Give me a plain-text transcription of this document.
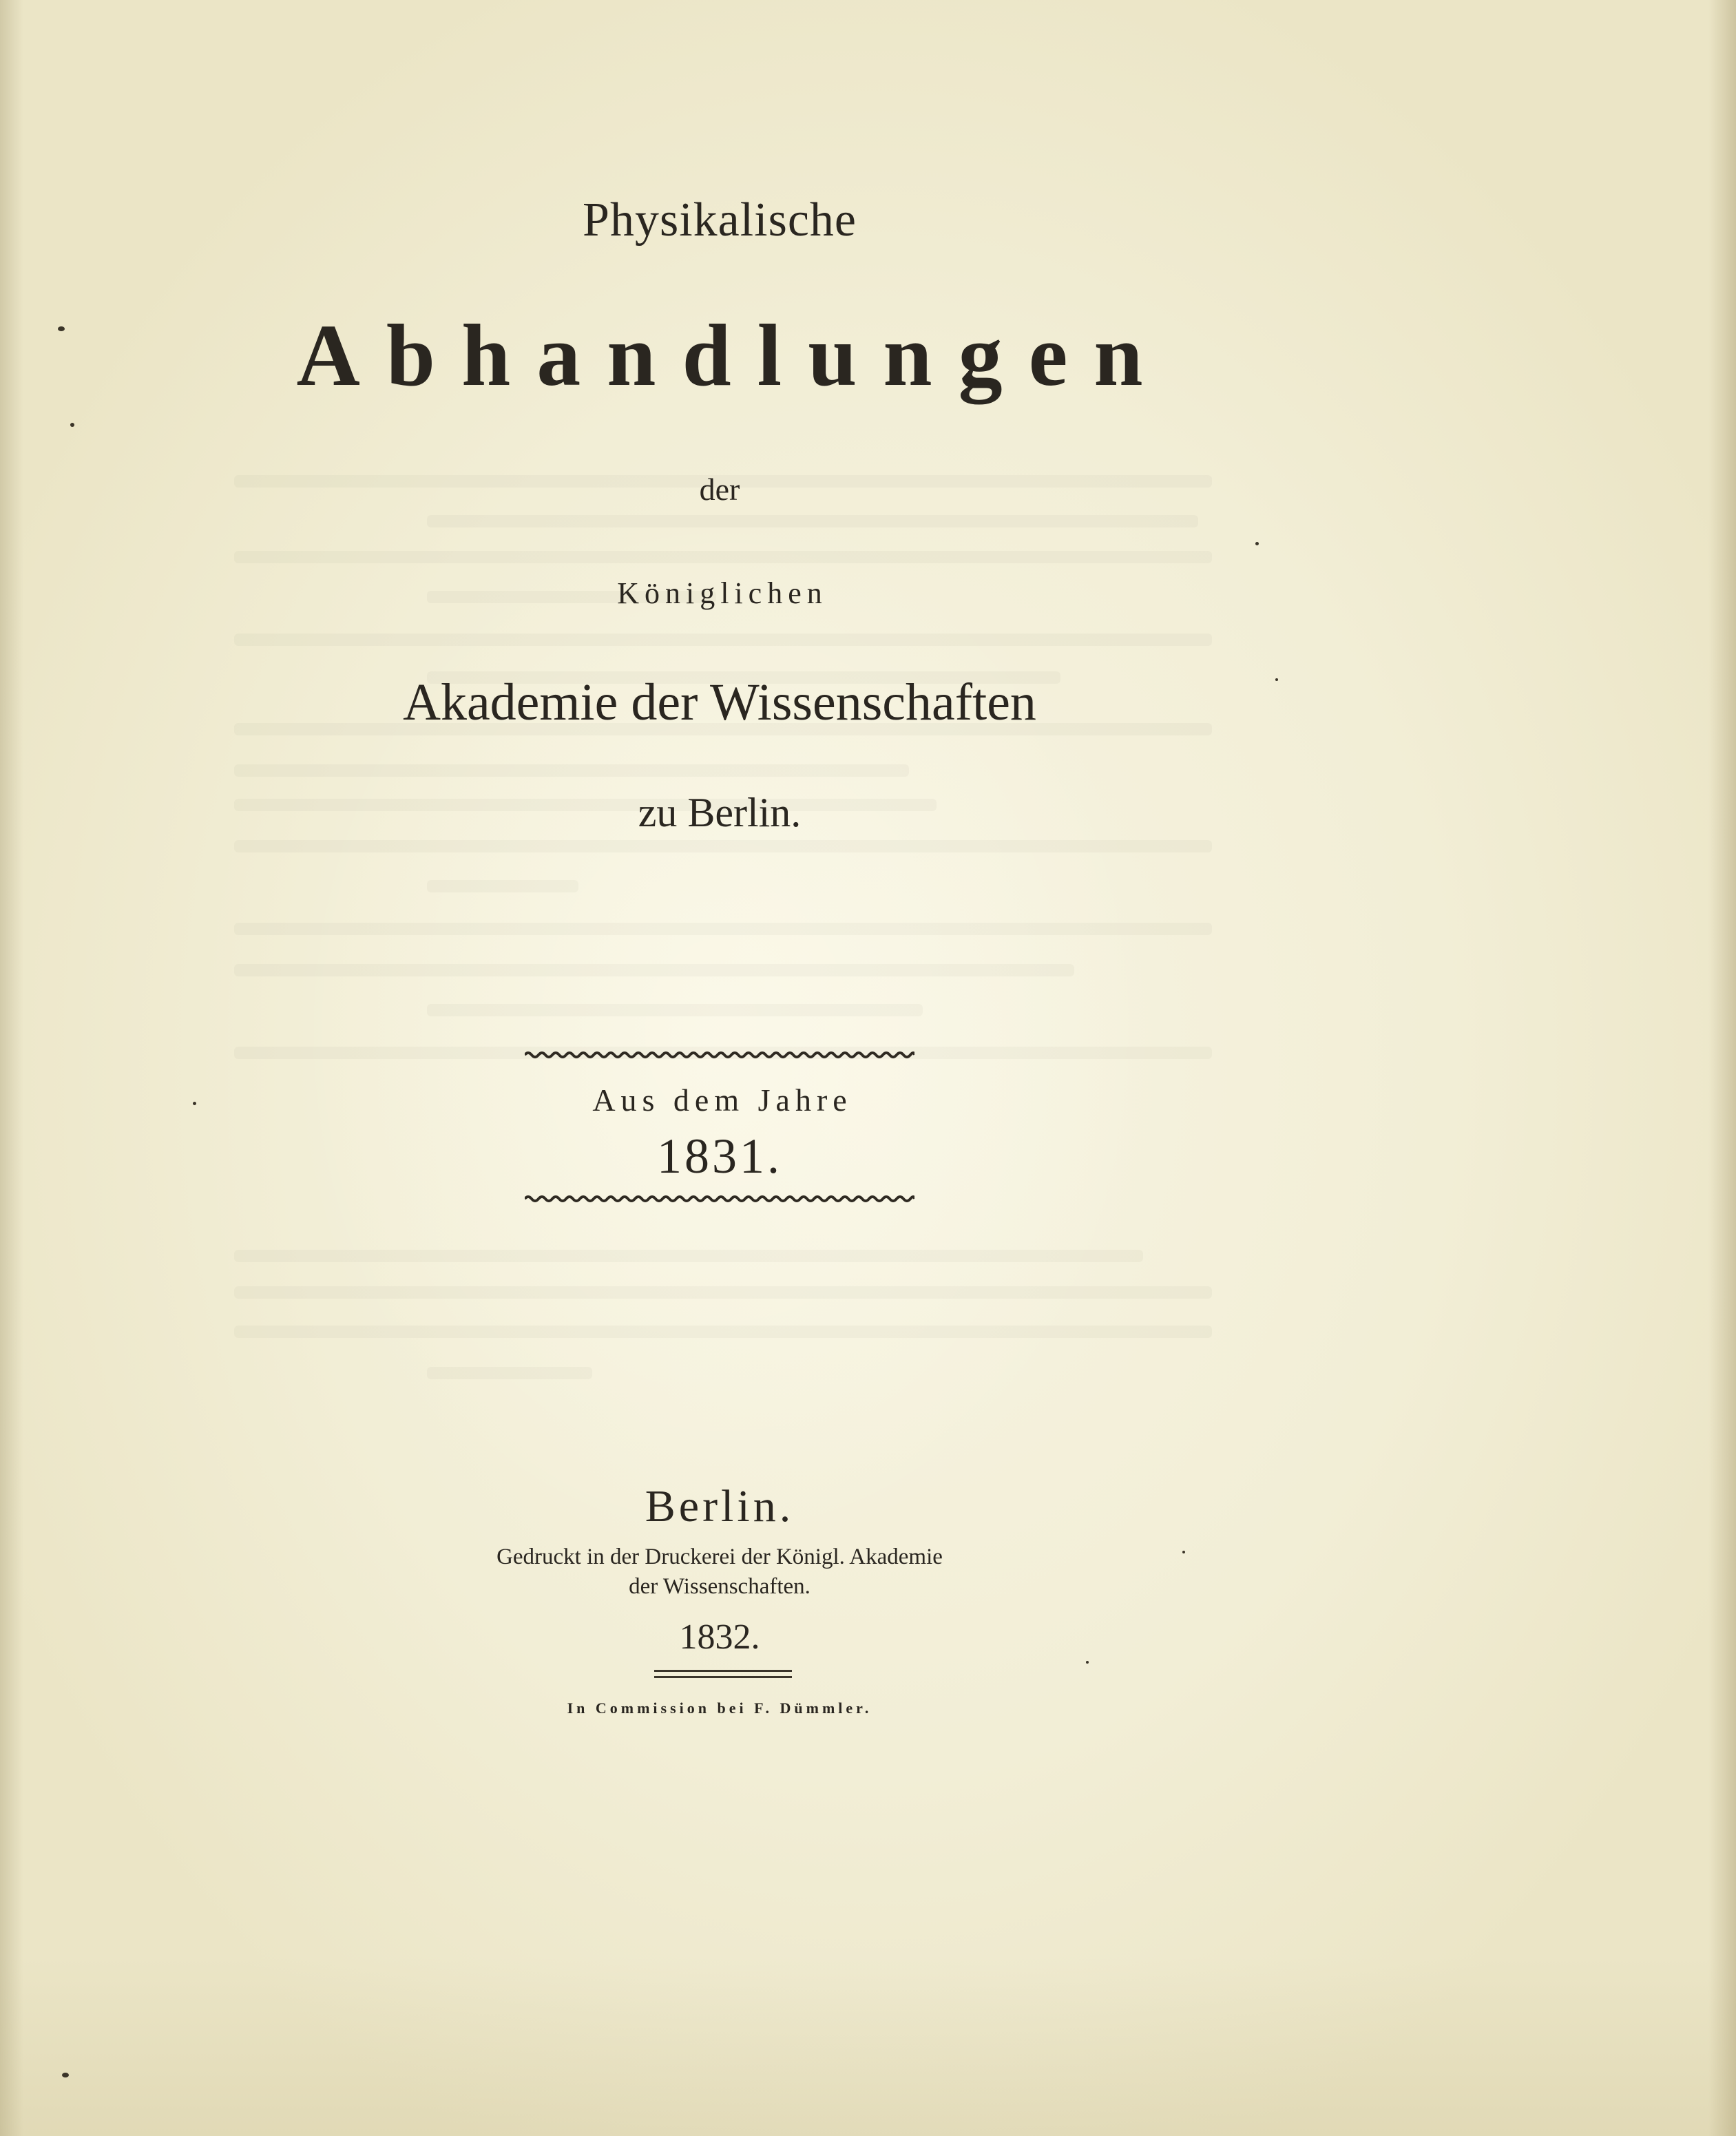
Physikalische

Abhandlungen

der

Königlichen

Akademie der Wissenschaften

zu Berlin.

Aus dem Jahre

1831.

Berlin.

Gedruckt in der Druckerei der Königl. Akademie

der Wissenschaften.

1832.

In Commission bei F. Dümmler.
